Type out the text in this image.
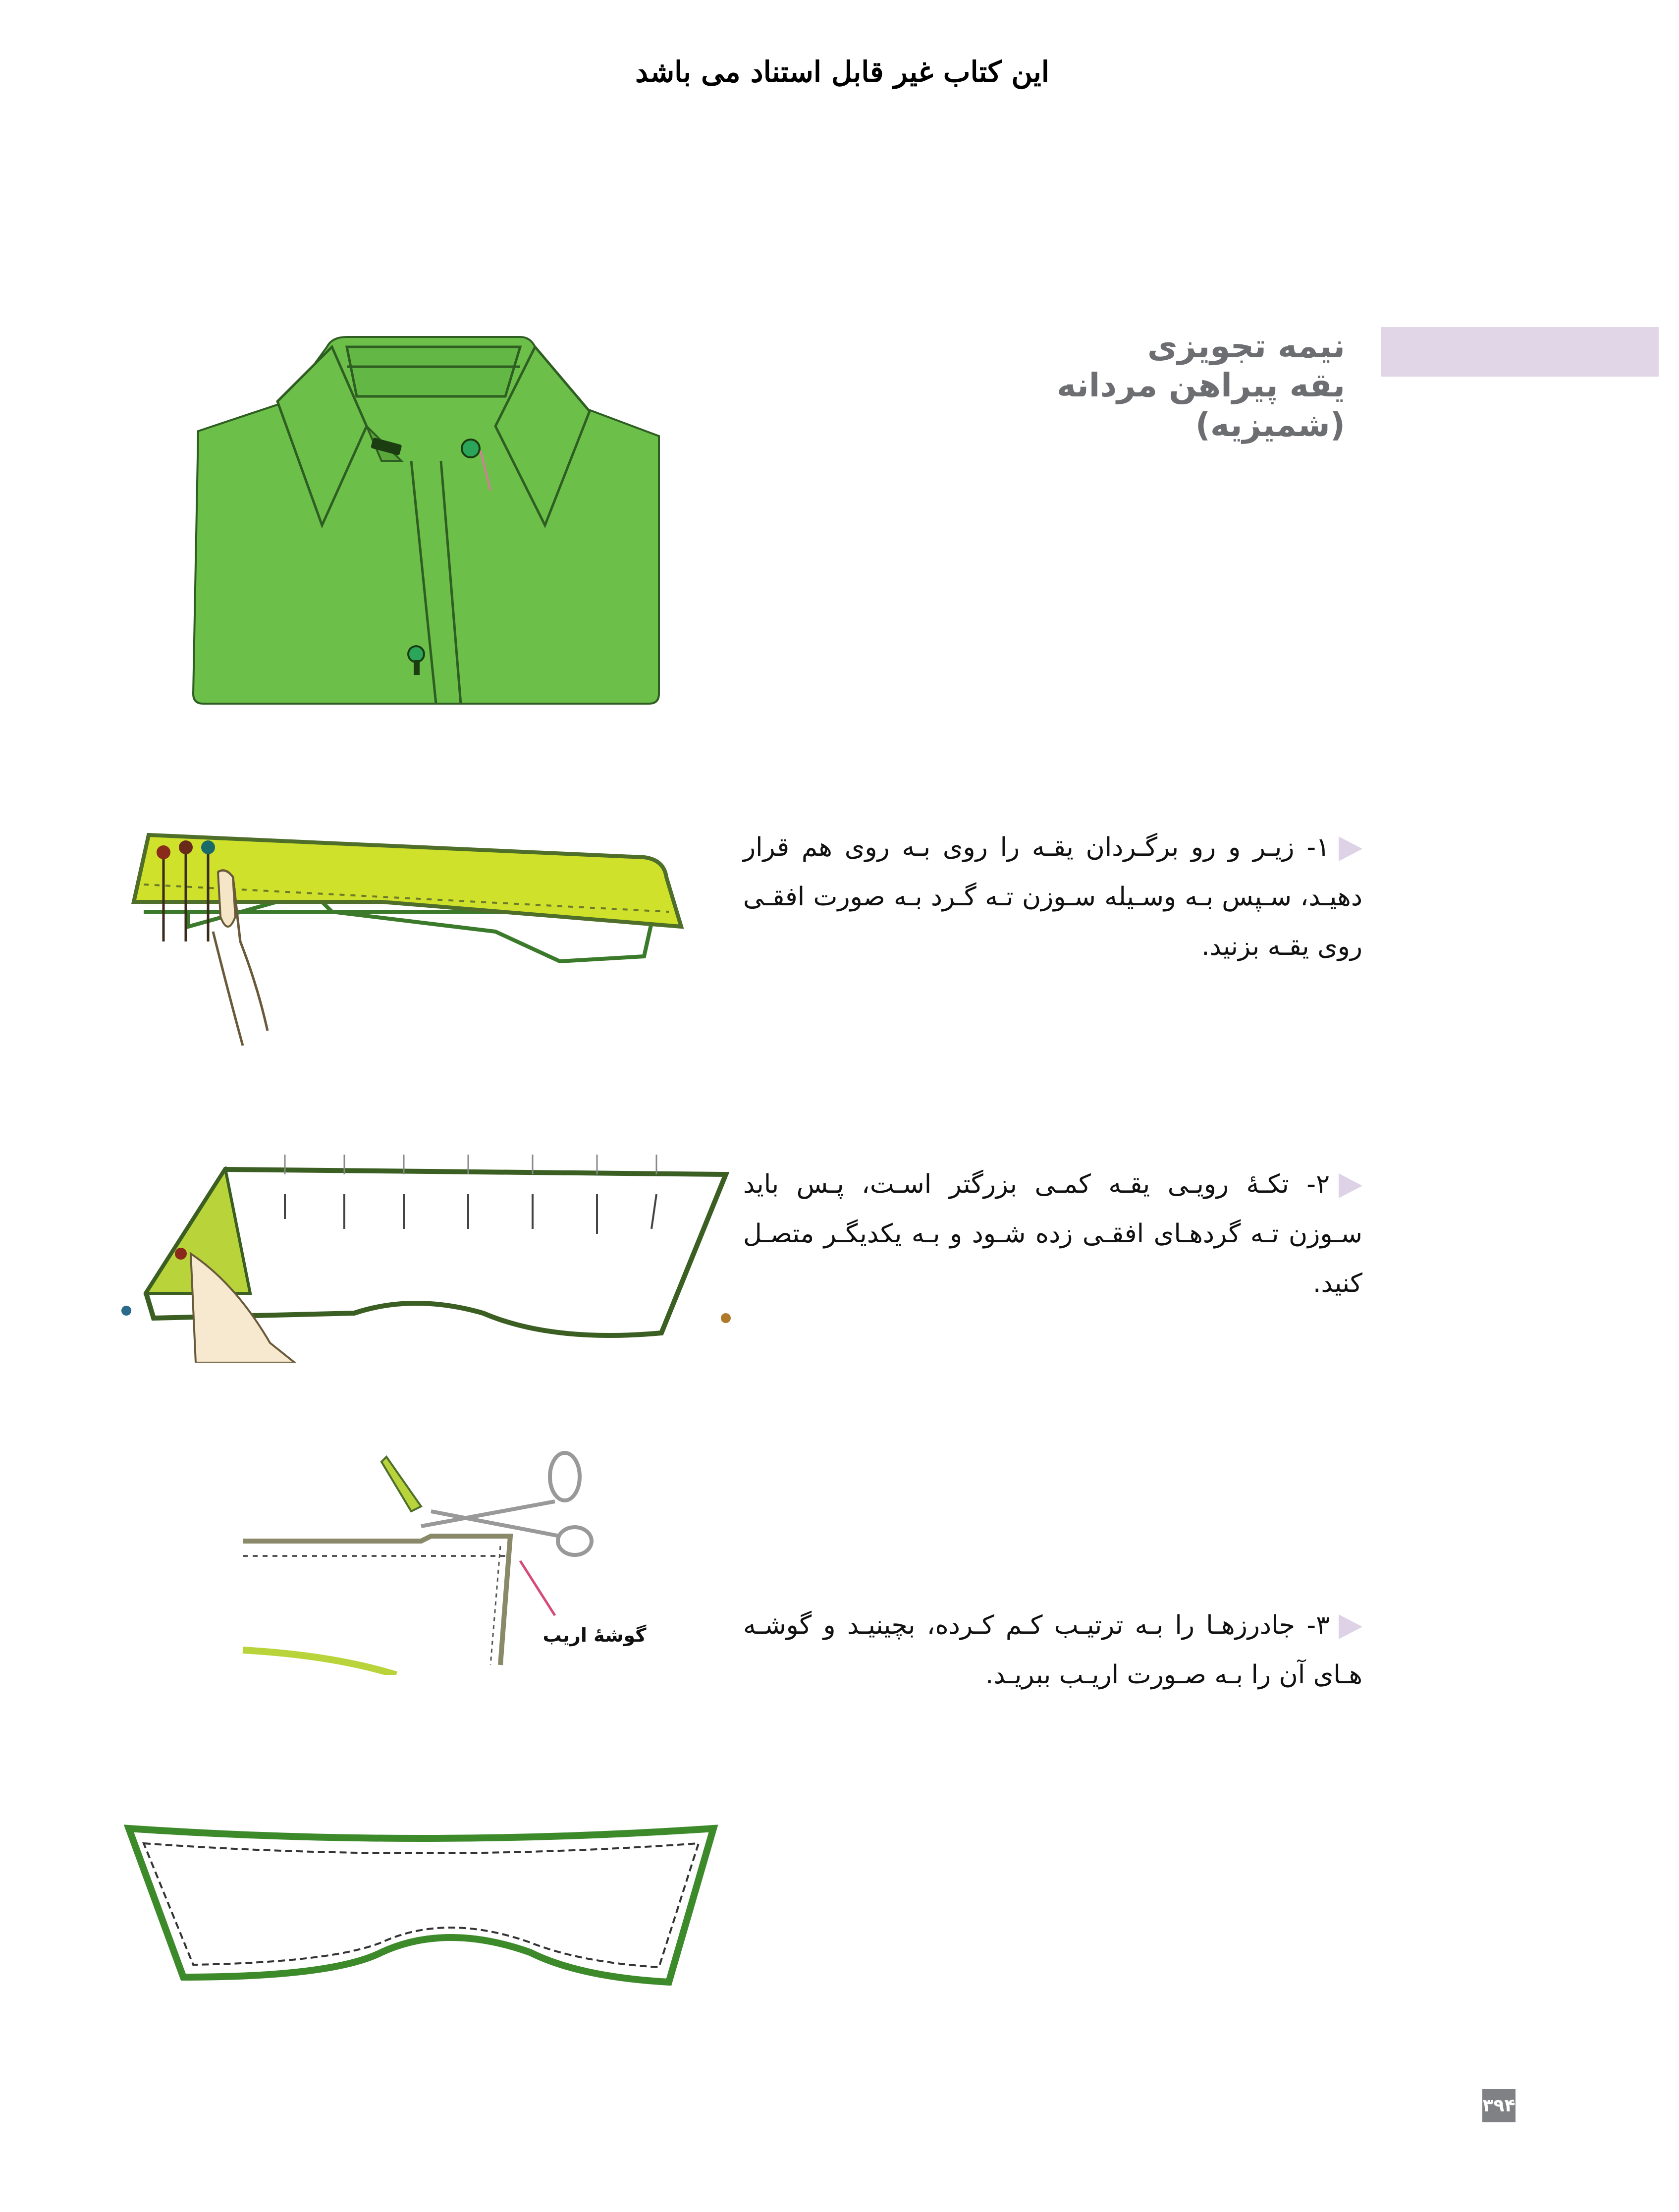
این کتاب غیر قابل استناد می باشد
نیمه تجویزی
یقه پیراهن مردانه (شمیزیه)
۱- زیـر و رو برگـردان یقـه را روی بـه روی هم قرار دهیـد، سـپس بـه وسـیله سـوزن تـه گـرد بـه صورت افقـی روی یقـه بزنید.
۲- تکـۀ رویـی یقـه کمـی بزرگتر اسـت، پـس باید سـوزن تـه گردهـای افقـی زده شـود و بـه یکدیگـر متصـل کنید.
۳- جادرزهـا را بـه ترتیـب کـم کـرده، بچینیـد و گوشـه هـای آن را بـه صـورت اریـب ببریـد.
گوشۀ اریب
۳۹۴
